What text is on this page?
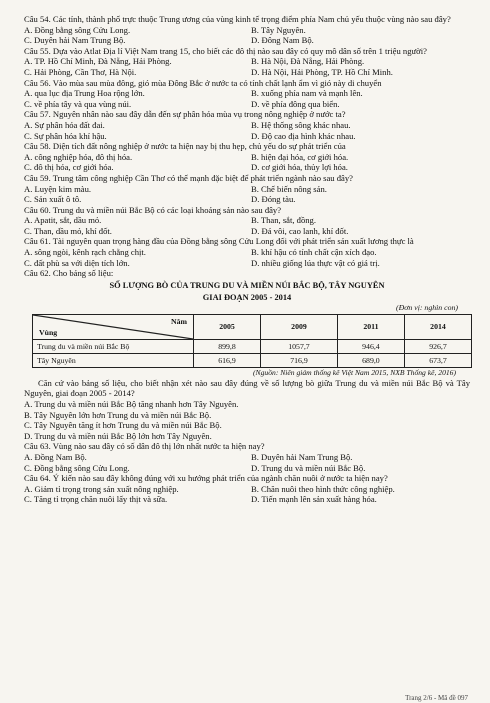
Câu 54. Các tỉnh, thành phố trực thuộc Trung ương của vùng kinh tế trọng điểm phía Nam chủ yếu thuộc vùng nào sau đây?

A. Đồng bằng sông Cửu Long.	B. Tây Nguyên.
C. Duyên hải Nam Trung Bộ.	D. Đông Nam Bộ.

Câu 55. Dựa vào Atlat Địa lí Việt Nam trang 15, cho biết các đô thị nào sau đây có quy mô dân số trên 1 triệu người?

A. TP. Hồ Chí Minh, Đà Nẵng, Hải Phòng.	B. Hà Nội, Đà Nẵng, Hải Phòng.
C. Hải Phòng, Cần Thơ, Hà Nội.	D. Hà Nội, Hải Phòng, TP. Hồ Chí Minh.

Câu 56. Vào mùa sau mùa đông, gió mùa Đông Bắc ở nước ta có tính chất lạnh ẩm vì gió này di chuyển

A. qua lục địa Trung Hoa rộng lớn.	B. xuống phía nam và mạnh lên.
C. về phía tây và qua vùng núi.	D. về phía đông qua biển.

Câu 57. Nguyên nhân nào sau đây dẫn đến sự phân hóa mùa vụ trong nông nghiệp ở nước ta?

A. Sự phân hóa đất đai.	B. Hệ thống sông khác nhau.
C. Sự phân hóa khí hậu.	D. Độ cao địa hình khác nhau.

Câu 58. Diện tích đất nông nghiệp ở nước ta hiện nay bị thu hẹp, chủ yếu do sự phát triển của

A. công nghiệp hóa, đô thị hóa.	B. hiện đại hóa, cơ giới hóa.
C. đô thị hóa, cơ giới hóa.	D. cơ giới hóa, thủy lợi hóa.

Câu 59. Trung tâm công nghiệp Cần Thơ có thế mạnh đặc biệt để phát triển ngành nào sau đây?

A. Luyện kim màu.	B. Chế biến nông sản.
C. Sản xuất ô tô.	D. Đóng tàu.

Câu 60. Trung du và miền núi Bắc Bộ có các loại khoáng sản nào sau đây?

A. Apatit, sắt, dầu mỏ.	B. Than, sắt, đồng.
C. Than, dầu mỏ, khí đốt.	D. Đá vôi, cao lanh, khí đốt.

Câu 61. Tài nguyên quan trọng hàng đầu của Đồng bằng sông Cửu Long đối với phát triển sản xuất lương thực là

A. sông ngòi, kênh rạch chằng chịt.	B. khí hậu có tính chất cận xích đạo.
C. đất phù sa với diện tích lớn.	D. nhiều giống lúa thực vật có giá trị.

Câu 62. Cho bảng số liệu:

SỐ LƯỢNG BÒ CỦA TRUNG DU VÀ MIỀN NÚI BẮC BỘ, TÂY NGUYÊN
GIAI ĐOẠN 2005 - 2014
(Đơn vị: nghìn con)
Năm
Vùng	2005	2009	2011	2014
Trung du và miền núi Bắc Bộ	899,8	1057,7	946,4	926,7
Tây Nguyên	616,9	716,9	689,0	673,7
(Nguồn: Niên giám thống kê Việt Nam 2015, NXB Thống kê, 2016)

Căn cứ vào bảng số liệu, cho biết nhận xét nào sau đây đúng về số lượng bò giữa Trung du và miền núi Bắc Bộ và Tây Nguyên, giai đoạn 2005 - 2014?

A. Trung du và miền núi Bắc Bộ tăng nhanh hơn Tây Nguyên.
B. Tây Nguyên lớn hơn Trung du và miền núi Bắc Bộ.
C. Tây Nguyên tăng ít hơn Trung du và miền núi Bắc Bộ.
D. Trung du và miền núi Bắc Bộ lớn hơn Tây Nguyên.

Câu 63. Vùng nào sau đây có số dân đô thị lớn nhất nước ta hiện nay?

A. Đồng Nam Bộ.	B. Duyên hải Nam Trung Bộ.
C. Đồng bằng sông Cửu Long.	D. Trung du và miền núi Bắc Bộ.

Câu 64. Ý kiến nào sau đây không đúng với xu hướng phát triển của ngành chăn nuôi ở nước ta hiện nay?

A. Giảm tỉ trọng trong sản xuất nông nghiệp.	B. Chăn nuôi theo hình thức công nghiệp.
C. Tăng tỉ trọng chăn nuôi lấy thịt và sữa.	D. Tiến mạnh lên sản xuất hàng hóa.
Trang 2/6 - Mã đề 097
